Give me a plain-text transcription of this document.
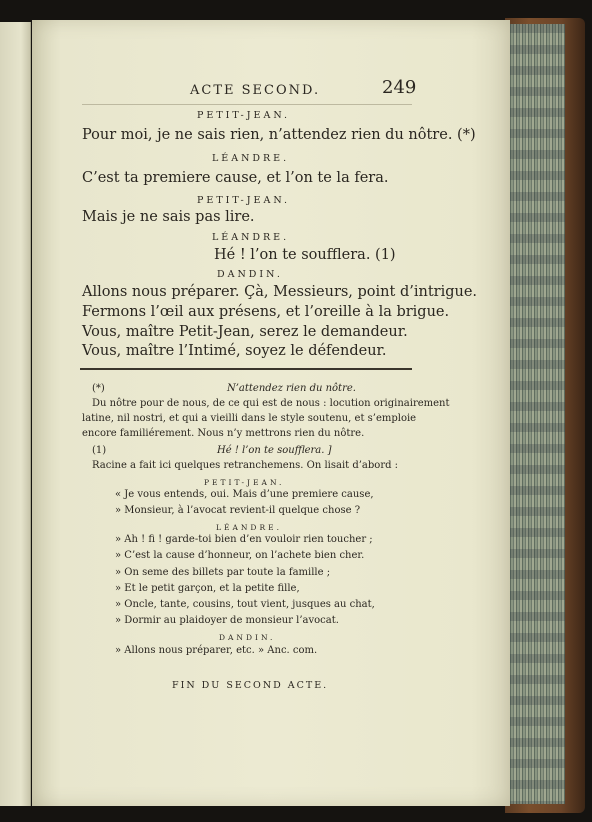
ACTE SECOND.	249
PETIT-JEAN.
Pour moi, je ne sais rien, n’attendez rien du nôtre. (*)
LÉANDRE.
C’est ta premiere cause, et l’on te la fera.
PETIT-JEAN.
Mais je ne sais pas lire.
LÉANDRE.
Hé ! l’on te soufflera. (1)
DANDIN.
Allons nous préparer. Çà, Messieurs, point d’intrigue.
Fermons l’œil aux présens, et l’oreille à la brigue.
Vous, maître Petit-Jean, serez le demandeur.
Vous, maître l’Intimé, soyez le défendeur.
(*)	N’attendez rien du nôtre.
Du nôtre pour de nous, de ce qui est de nous : locution originairement
latine, nil nostri, et qui a vieilli dans le style soutenu, et s’emploie
encore familiérement. Nous n’y mettrons rien du nôtre.
(1)	Hé ! l’on te soufflera. ]
Racine a fait ici quelques retranchemens. On lisait d’abord :
PETIT-JEAN.
« Je vous entends, oui. Mais d’une premiere cause,
» Monsieur, à l’avocat revient-il quelque chose ?
LÉANDRE.
» Ah ! fi ! garde-toi bien d’en vouloir rien toucher ;
» C’est la cause d’honneur, on l’achete bien cher.
» On seme des billets par toute la famille ;
» Et le petit garçon, et la petite fille,
» Oncle, tante, cousins, tout vient, jusques au chat,
» Dormir au plaidoyer de monsieur l’avocat.
DANDIN.
» Allons nous préparer, etc. » Anc. com.
FIN DU SECOND ACTE.
